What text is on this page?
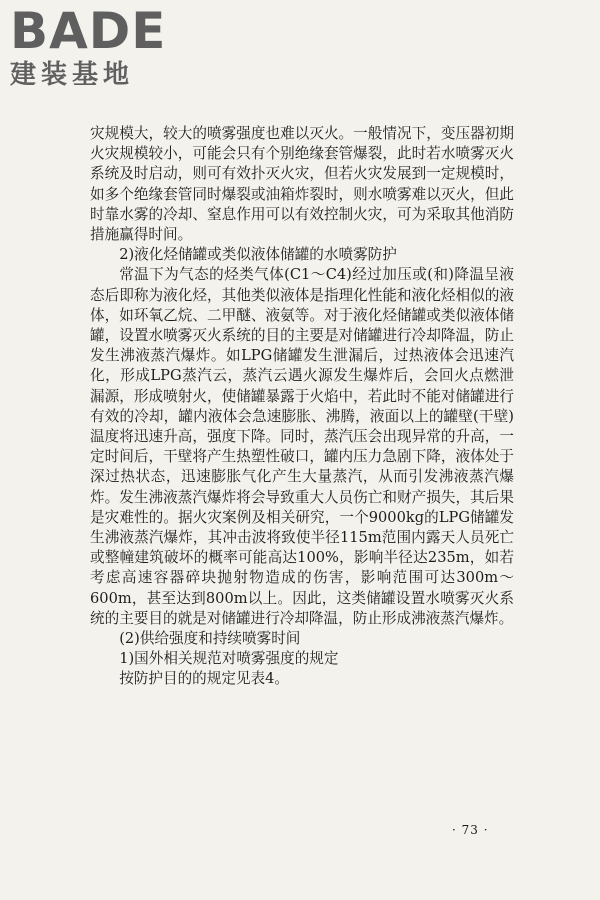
BADE
建装基地

灾规模大，较大的喷雾强度也难以灭火。一般情况下，变压器初期火灾规模较小，可能会只有个别绝缘套管爆裂，此时若水喷雾灭火系统及时启动，则可有效扑灭火灾，但若火灾发展到一定规模时，如多个绝缘套管同时爆裂或油箱炸裂时，则水喷雾难以灭火，但此时靠水雾的冷却、窒息作用可以有效控制火灾，可为采取其他消防措施赢得时间。

2)液化烃储罐或类似液体储罐的水喷雾防护

常温下为气态的烃类气体(C1～C4)经过加压或(和)降温呈液态后即称为液化烃，其他类似液体是指理化性能和液化烃相似的液体，如环氧乙烷、二甲醚、液氨等。对于液化烃储罐或类似液体储罐，设置水喷雾灭火系统的目的主要是对储罐进行冷却降温，防止发生沸液蒸汽爆炸。如LPG储罐发生泄漏后，过热液体会迅速汽化，形成LPG蒸汽云，蒸汽云遇火源发生爆炸后，会回火点燃泄漏源，形成喷射火，使储罐暴露于火焰中，若此时不能对储罐进行有效的冷却，罐内液体会急速膨胀、沸腾，液面以上的罐壁(干壁)温度将迅速升高，强度下降。同时，蒸汽压会出现异常的升高，一定时间后，干壁将产生热塑性破口，罐内压力急剧下降，液体处于深过热状态，迅速膨胀气化产生大量蒸汽，从而引发沸液蒸汽爆炸。发生沸液蒸汽爆炸将会导致重大人员伤亡和财产损失，其后果是灾难性的。据火灾案例及相关研究，一个9000kg的LPG储罐发生沸液蒸汽爆炸，其冲击波将致使半径115m范围内露天人员死亡或整幢建筑破坏的概率可能高达100%，影响半径达235m，如若考虑高速容器碎块抛射物造成的伤害，影响范围可达300m～600m，甚至达到800m以上。因此，这类储罐设置水喷雾灭火系统的主要目的就是对储罐进行冷却降温，防止形成沸液蒸汽爆炸。

(2)供给强度和持续喷雾时间

1)国外相关规范对喷雾强度的规定

按防护目的的规定见表4。

· 73 ·
